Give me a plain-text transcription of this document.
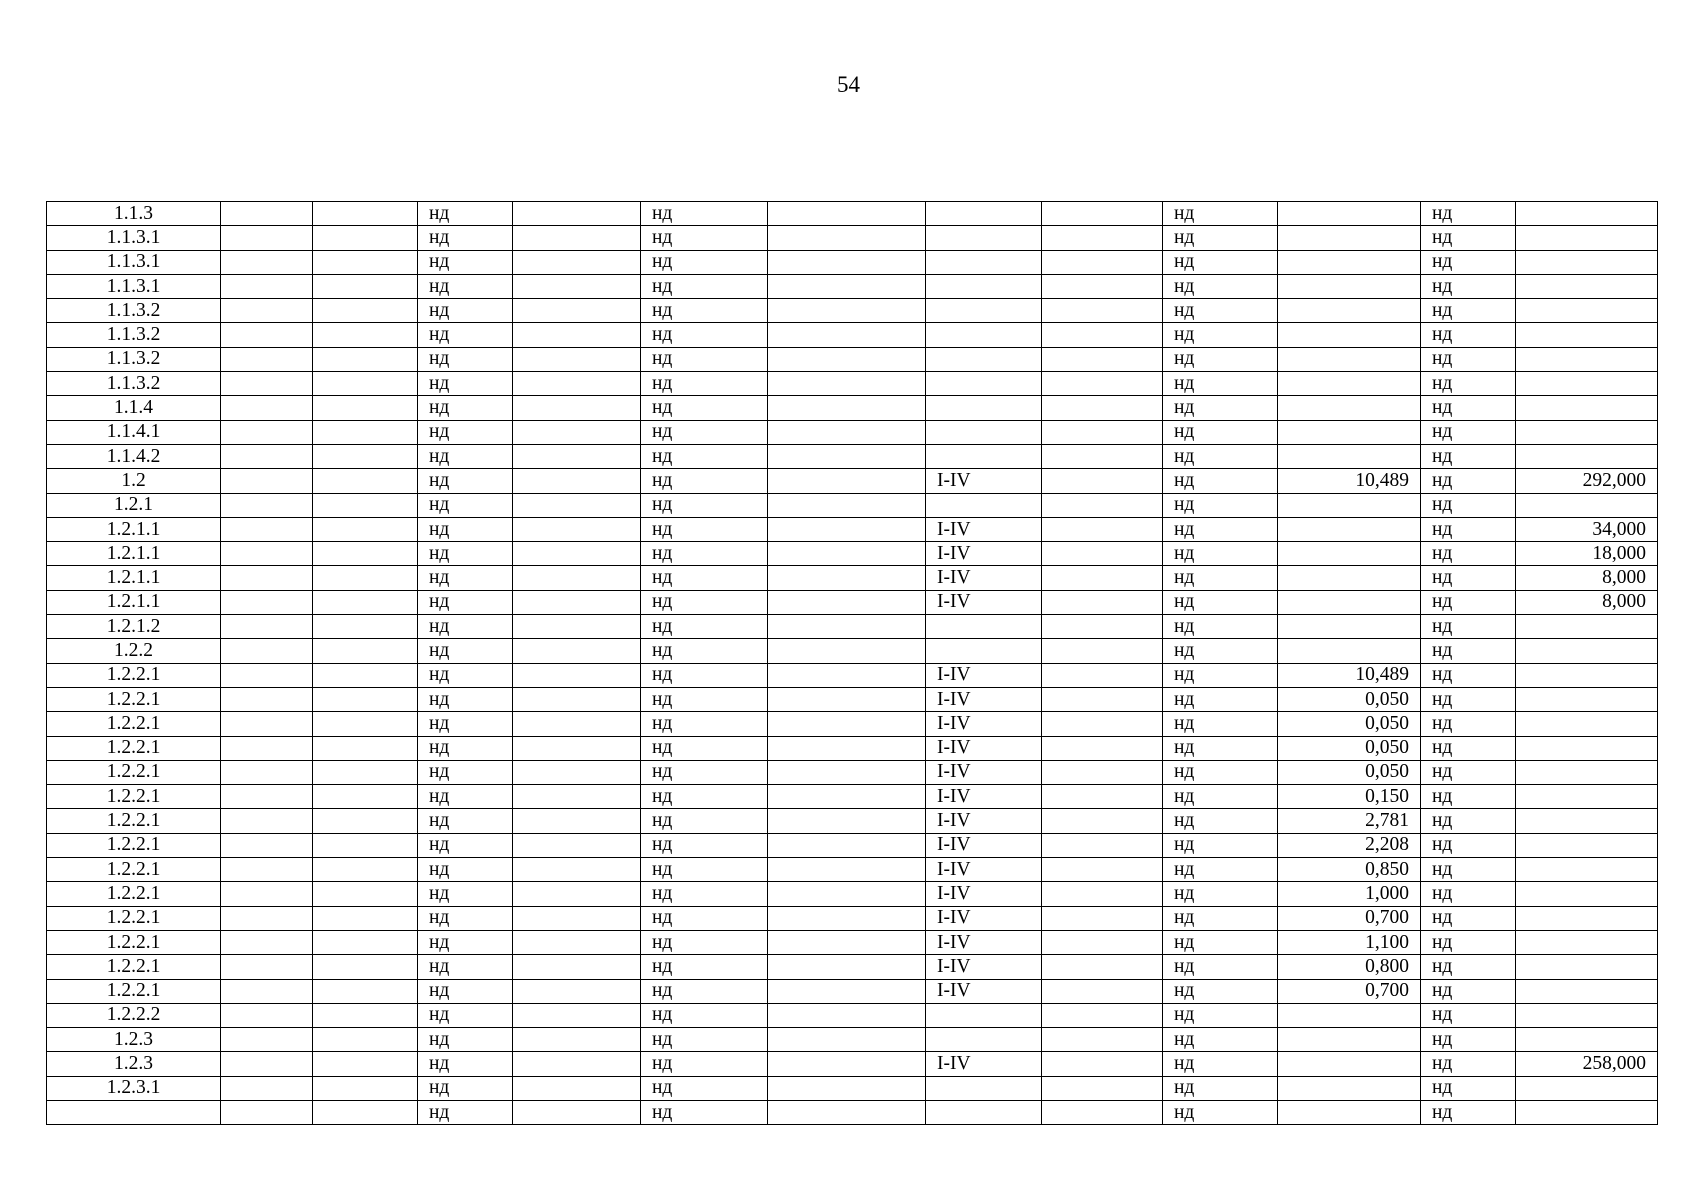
54
1.1.3			нд		нд				нд		нд	
1.1.3.1			нд		нд				нд		нд	
1.1.3.1			нд		нд				нд		нд	
1.1.3.1			нд		нд				нд		нд	
1.1.3.2			нд		нд				нд		нд	
1.1.3.2			нд		нд				нд		нд	
1.1.3.2			нд		нд				нд		нд	
1.1.3.2			нд		нд				нд		нд	
1.1.4			нд		нд				нд		нд	
1.1.4.1			нд		нд				нд		нд	
1.1.4.2			нд		нд				нд		нд	
1.2			нд		нд		I-IV		нд	10,489	нд	292,000
1.2.1			нд		нд				нд		нд	
1.2.1.1			нд		нд		I-IV		нд		нд	34,000
1.2.1.1			нд		нд		I-IV		нд		нд	18,000
1.2.1.1			нд		нд		I-IV		нд		нд	8,000
1.2.1.1			нд		нд		I-IV		нд		нд	8,000
1.2.1.2			нд		нд				нд		нд	
1.2.2			нд		нд				нд		нд	
1.2.2.1			нд		нд		I-IV		нд	10,489	нд	
1.2.2.1			нд		нд		I-IV		нд	0,050	нд	
1.2.2.1			нд		нд		I-IV		нд	0,050	нд	
1.2.2.1			нд		нд		I-IV		нд	0,050	нд	
1.2.2.1			нд		нд		I-IV		нд	0,050	нд	
1.2.2.1			нд		нд		I-IV		нд	0,150	нд	
1.2.2.1			нд		нд		I-IV		нд	2,781	нд	
1.2.2.1			нд		нд		I-IV		нд	2,208	нд	
1.2.2.1			нд		нд		I-IV		нд	0,850	нд	
1.2.2.1			нд		нд		I-IV		нд	1,000	нд	
1.2.2.1			нд		нд		I-IV		нд	0,700	нд	
1.2.2.1			нд		нд		I-IV		нд	1,100	нд	
1.2.2.1			нд		нд		I-IV		нд	0,800	нд	
1.2.2.1			нд		нд		I-IV		нд	0,700	нд	
1.2.2.2			нд		нд				нд		нд	
1.2.3			нд		нд				нд		нд	
1.2.3			нд		нд		I-IV		нд		нд	258,000
1.2.3.1			нд		нд				нд		нд	
			нд		нд				нд		нд	
